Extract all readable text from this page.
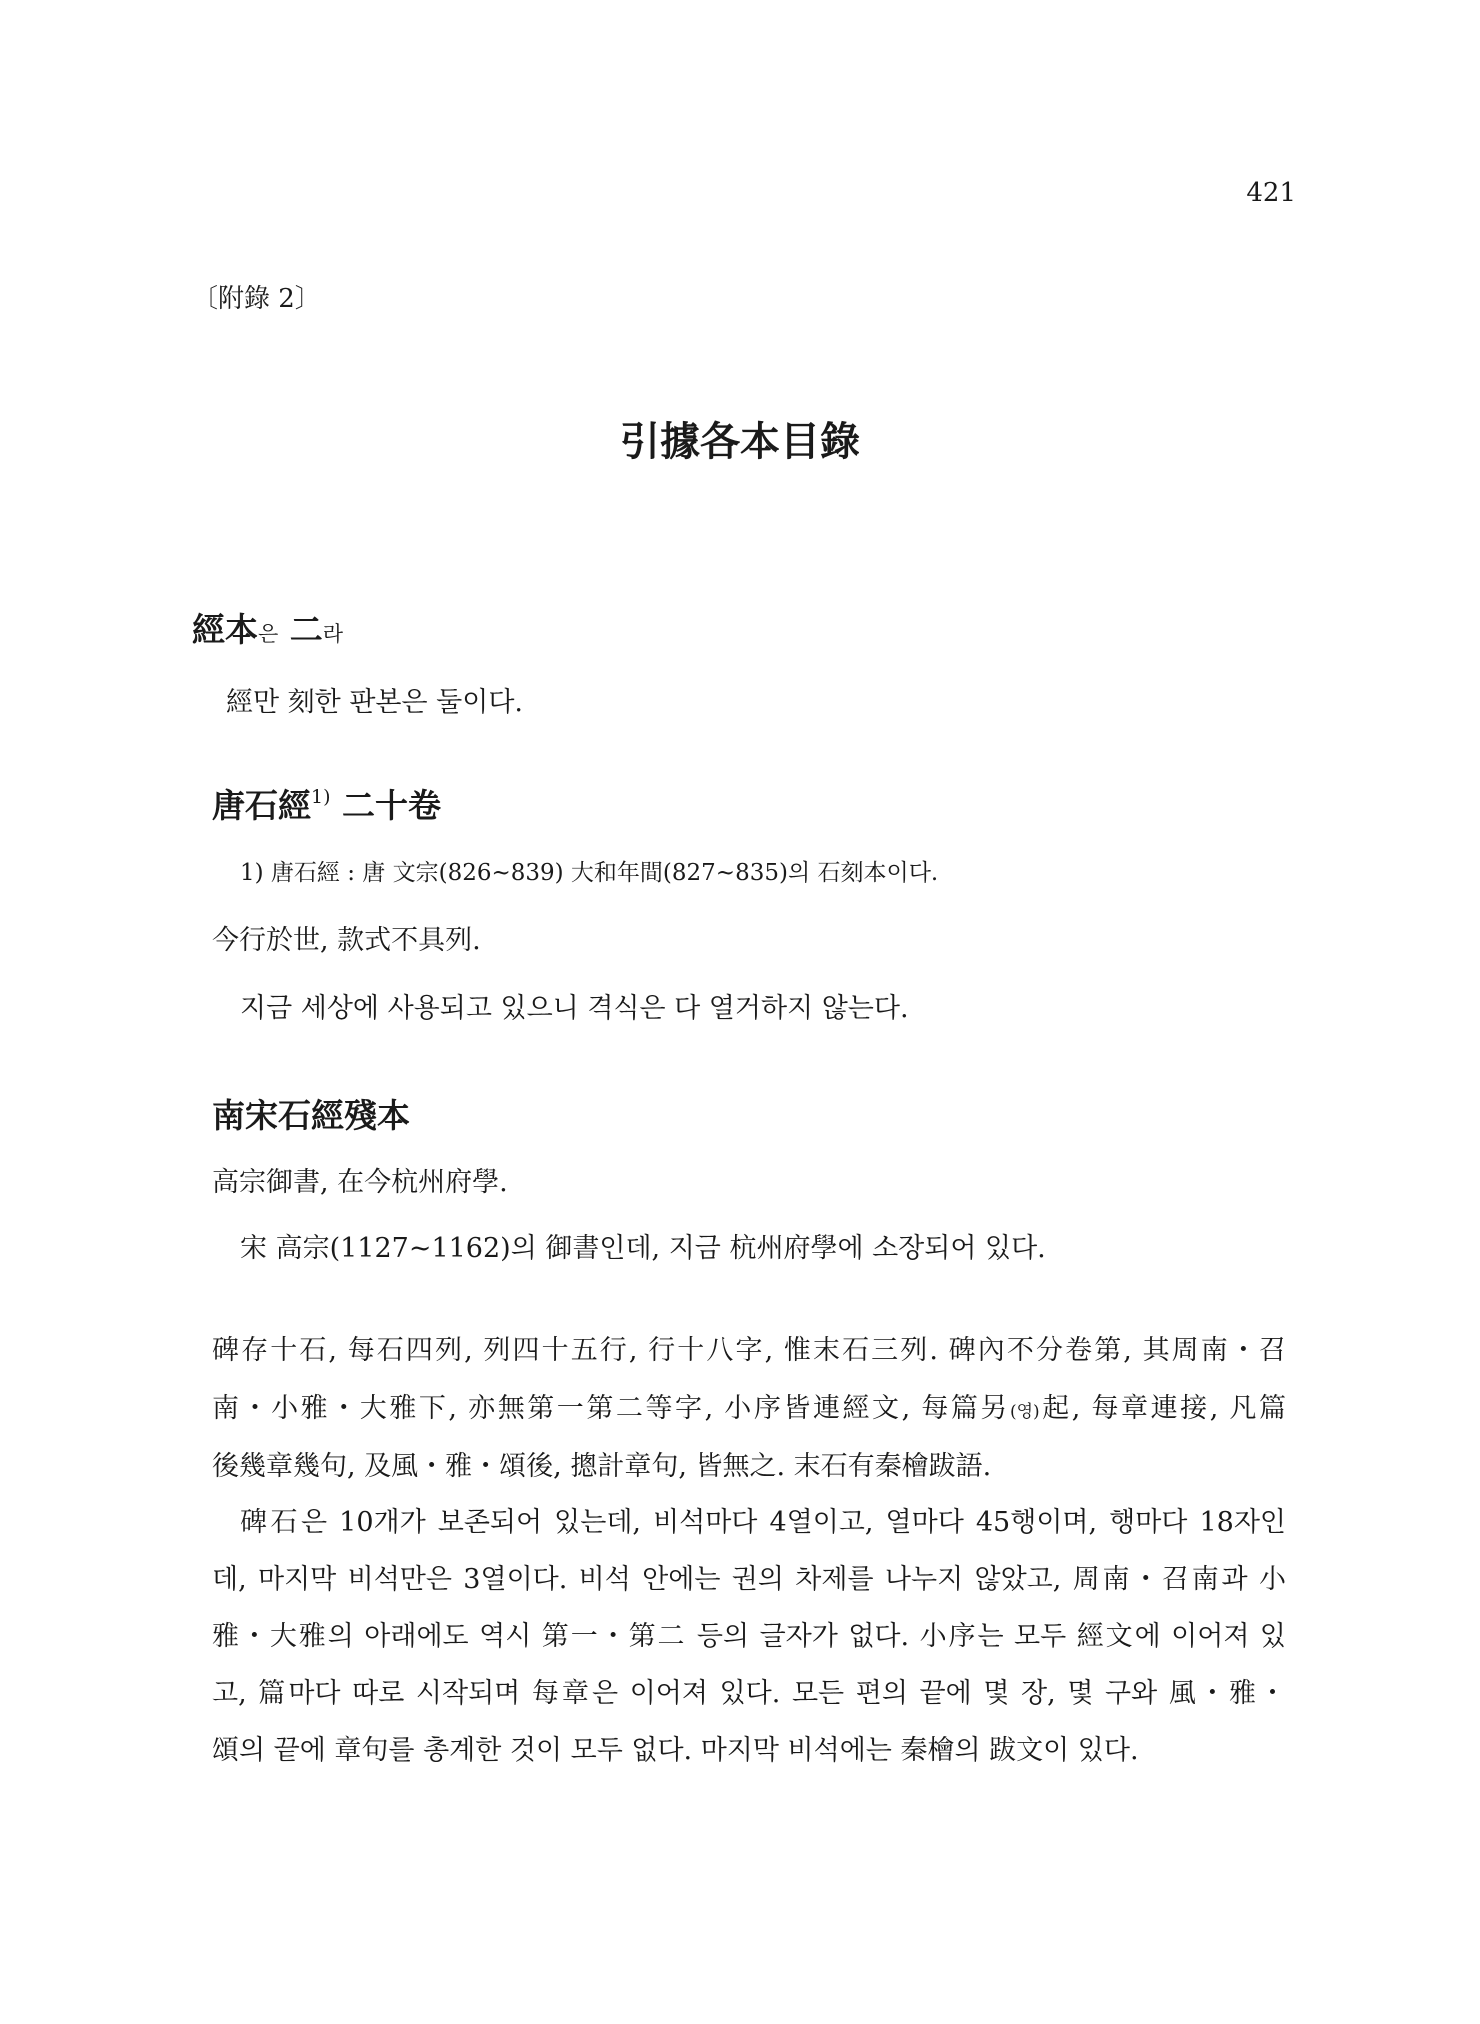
421
〔附錄 2〕
引據各本目錄
經本은 二라
經만 刻한 판본은 둘이다.
唐石經$^{1)}$ 二十卷
1) 唐石經 : 唐 文宗(826~839) 大和年間(827~835)의 石刻本이다.
今行於世, 款式不具列.
지금 세상에 사용되고 있으니 격식은 다 열거하지 않는다.
南宋石經殘本
高宗御書, 在今杭州府學.
宋 高宗(1127~1162)의 御書인데, 지금 杭州府學에 소장되어 있다.
碑存十石, 每石四列, 列四十五行, 行十八字, 惟末石三列. 碑內不分卷第, 其周南・召
南・小雅・大雅下, 亦無第一第二等字, 小序皆連經文, 每篇另(영)起, 每章連接, 凡篇
後幾章幾句, 及風・雅・頌後, 摠計章句, 皆無之. 末石有秦檜跋語.
碑石은 10개가 보존되어 있는데, 비석마다 4열이고, 열마다 45행이며, 행마다 18자인
데, 마지막 비석만은 3열이다. 비석 안에는 권의 차제를 나누지 않았고, 周南・召南과 小
雅・大雅의 아래에도 역시 第一・第二 등의 글자가 없다. 小序는 모두 經文에 이어져 있
고, 篇마다 따로 시작되며 每章은 이어져 있다. 모든 편의 끝에 몇 장, 몇 구와 風・雅・
頌의 끝에 章句를 총계한 것이 모두 없다. 마지막 비석에는 秦檜의 跋文이 있다.
